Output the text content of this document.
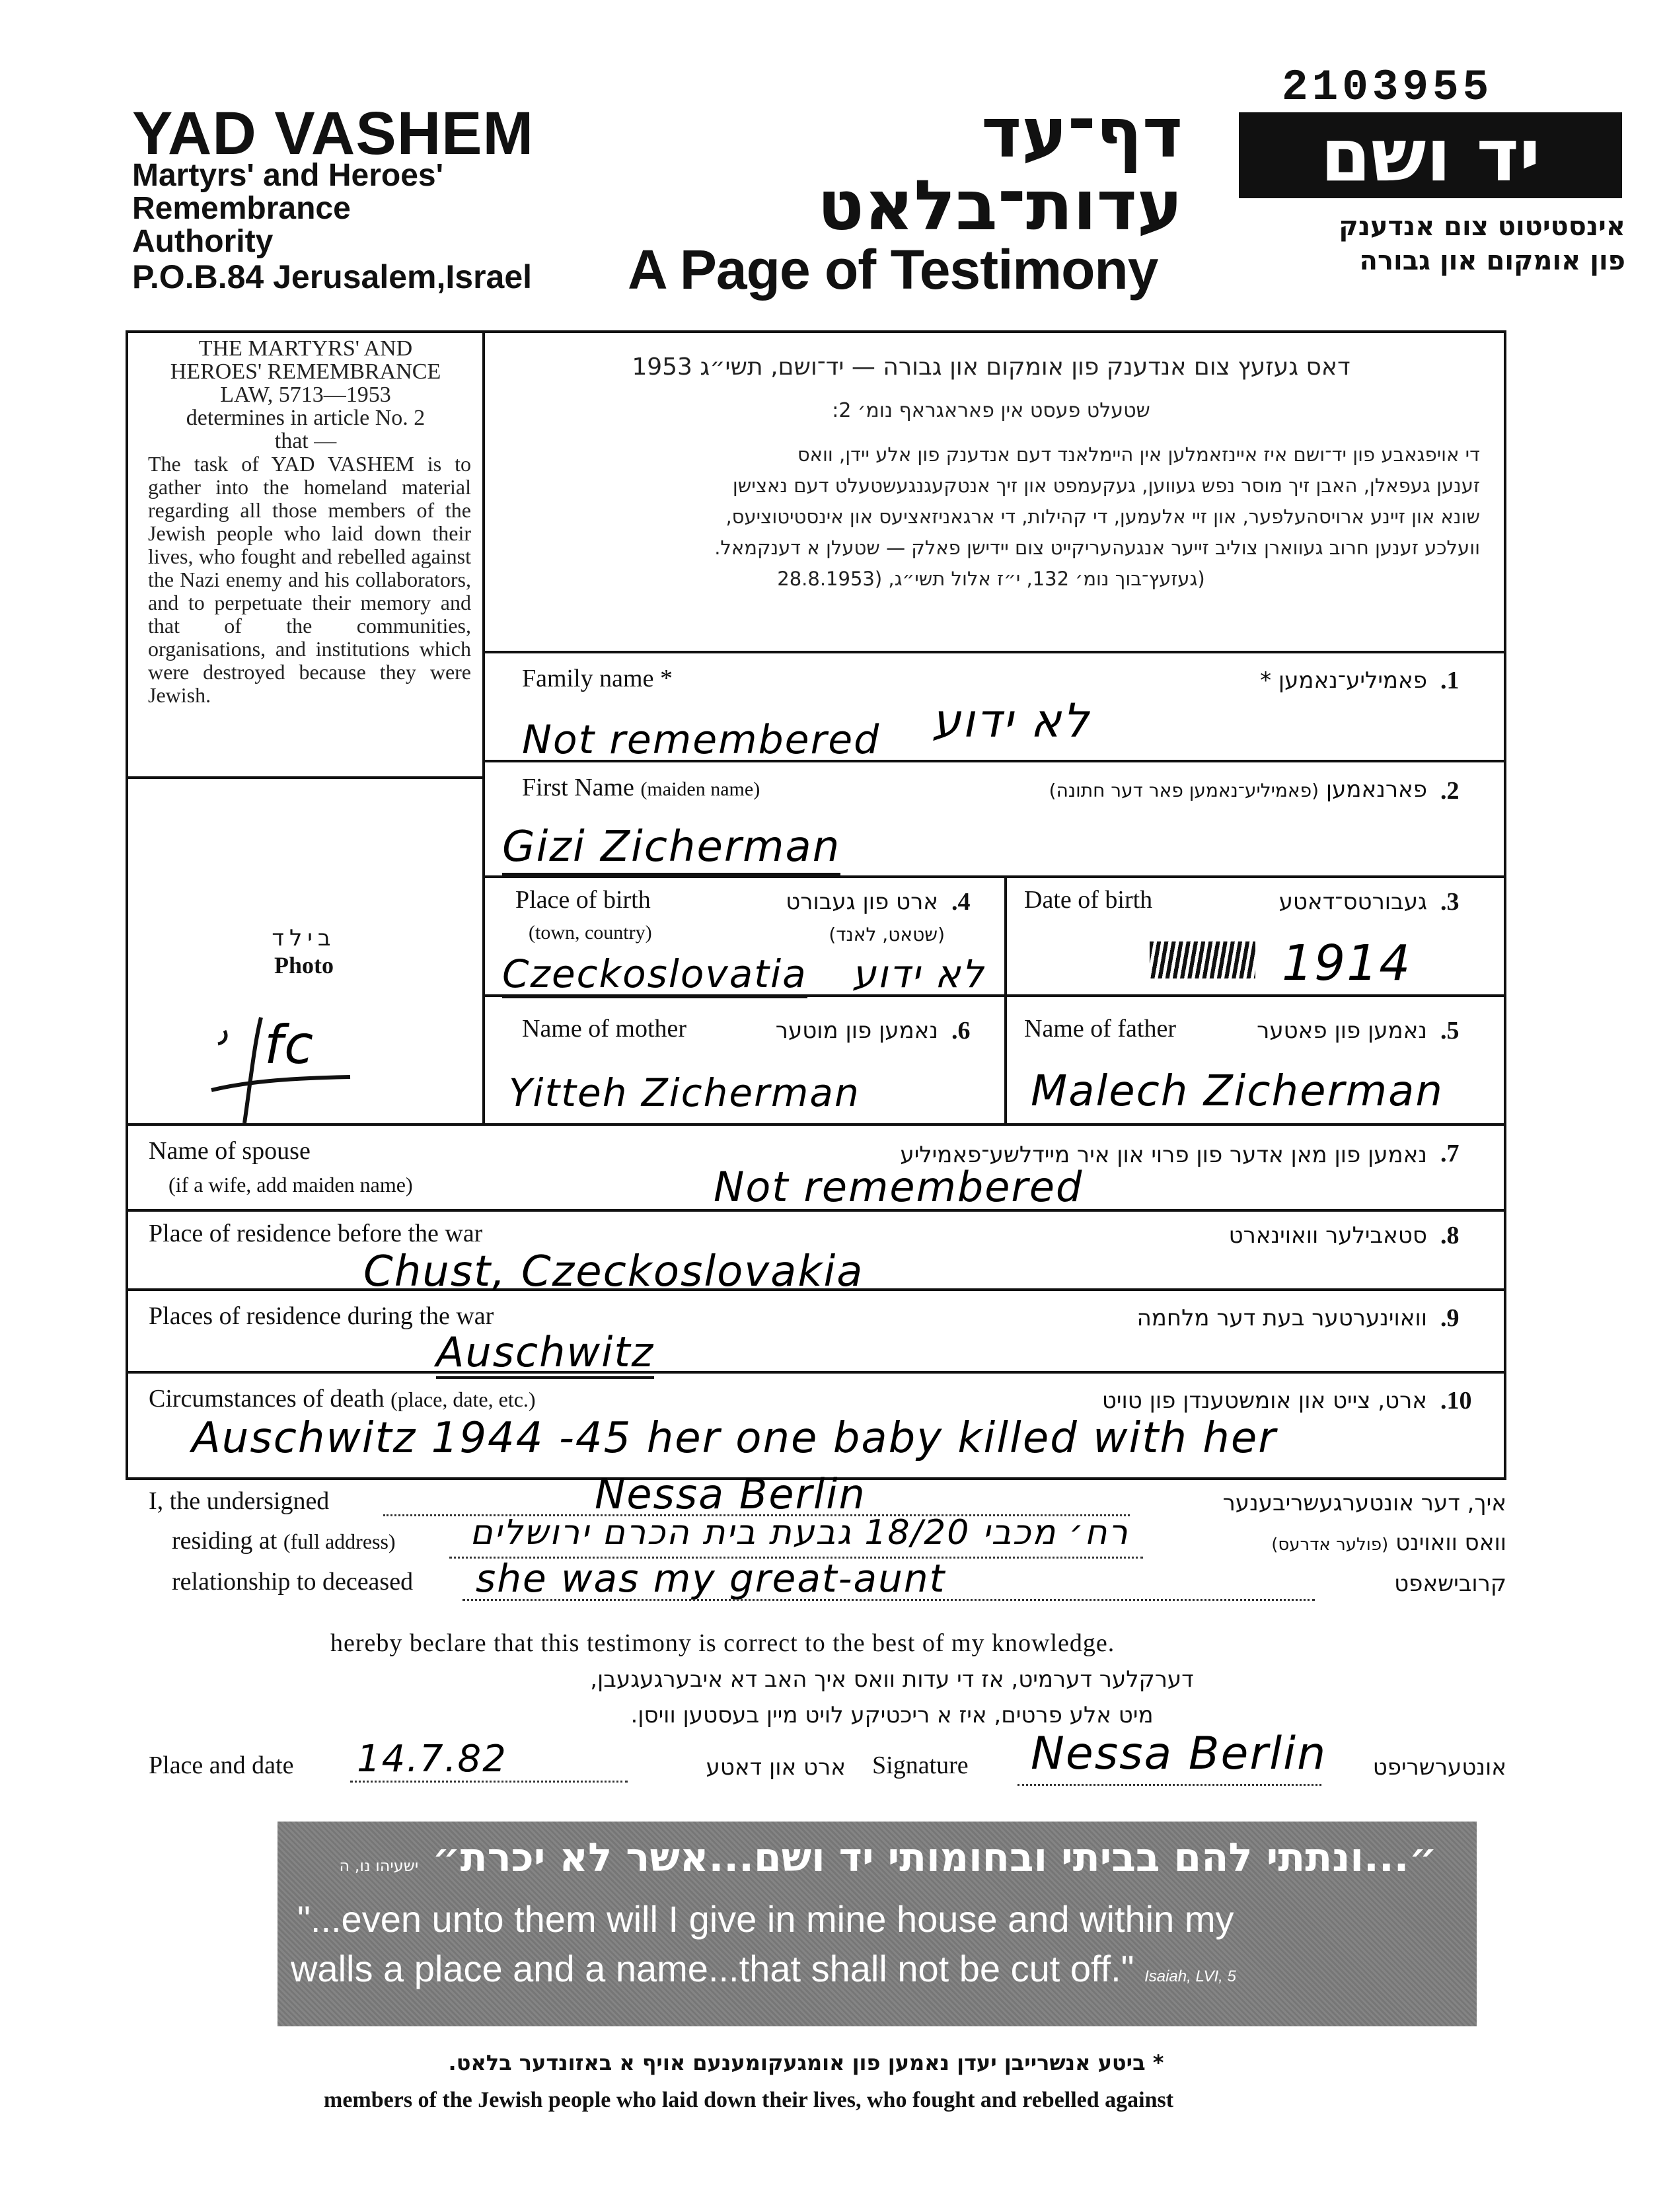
2103955
YAD VASHEM
Martyrs' and Heroes'
Remembrance
Authority
P.O.B.84 Jerusalem,Israel
דף־עד
עדות־בלאט
A Page of Testimony
יד ושם
אינסטיטוט צום אנדענק
פון אומקום און גבורה
THE MARTYRS' AND
HEROES' REMEMBRANCE
LAW, 5713—1953
determines in article No. 2
that —
The task of YAD VASHEM is to gather into the homeland material regarding all those members of the Jewish people who laid down their lives, who fought and rebelled against the Nazi enemy and his collaborators, and to perpetuate their memory and that of the communities, organisations, and institutions which were destroyed because they were Jewish.
דאס געזעץ צום אנדענק פון אומקום און גבורה — יד־ושם, תשי״ג 1953
שטעלט פעסט אין פאראגראף נומ׳ 2:
די אויפגאבע פון יד־ושם איז איינזאמלען אין היימלאנד דעם אנדענק פון אלע יידן, וואס
זענען געפאלן, האבן זיך מוסר נפש געווען, געקעמפט און זיך אנטקעגנגעשטעלט דעם נאצישן
שונא און זיינע ארויסהעלפער, און זיי אלעמען, די קהילות, די ארגאניזאציעס און אינסטיטוציעס,
וועלכע זענען חרוב געווארן צוליב זייער אנגעהעריקייט צום יידישן פאלק — שטעלן א דענקמאל.
(געזעץ־בוך נומ׳ 132, י״ז אלול תשי״ג, (28.8.1953
בילד
Photo
fc
Family name *	פאמיליע־נאמען * .1
Not remembered	לא ידוע
First Name (maiden name)	פארנאמען (פאמיליע־נאמען פאר דער חתונה)	.2
Gizi Zicherman
Place of birth	ארט פון געבורט .4
(town, country)	(שטאט, לאנד)
Czeckoslovatia	לא ידוע
Date of birth	געבורטס־דאטע .3
1914
Name of mother	נאמען פון מוטער .6
Yitteh Zicherman
Name of father	נאמען פון פאטער .5
Malech Zicherman
Name of spouse
(if a wife, add maiden name)
נאמען פון מאן אדער פון פרוי און איר מיידלשע־פאמיליע .7
Not remembered
Place of residence before the war	סטאבילער וואוינארט .8
Chust, Czeckoslovakia
Places of residence during the war	וואוינערטער בעת דער מלחמה .9
Auschwitz
Circumstances of death (place, date, etc.)	ארט, צייט און אומשטענדן פון טויט .10
Auschwitz 1944 -45 her one baby killed with her
I, the undersigned	איך, דער אונטערגעשריבענער
Nessa Berlin
residing at (full address)	וואס וואוינט (פולער אדרעס)
רח׳ מכבי 18/20 גבעת בית הכרם ירושלים
relationship to deceased	קרובישאפט
she was my great-aunt
hereby beclare that this testimony is correct to the best of my knowledge.
דערקלער דערמיט, אז די עדות וואס איך האב דא איבערגעגעבן,
מיט אלע פרטים, איז א ריכטיקע לויט מיין בעסטען וויסן.
Place and date 14.7.82	ארט און דאטע Signature Nessa Berlin	אונטערשריפט
״...ונתתי להם בביתי ובחומותי יד ושם...אשר לא יכרת״ ישעיהו נו, ה
"...even unto them will I give in mine house and within my
walls a place and a name...that shall not be cut off." Isaiah, LVI, 5
* ביטע אנשרייבן יעדן נאמען פון אומגעקומענעם אויף א באזונדער בלאט.
members of the Jewish people who laid down their lives, who fought and rebelled against
